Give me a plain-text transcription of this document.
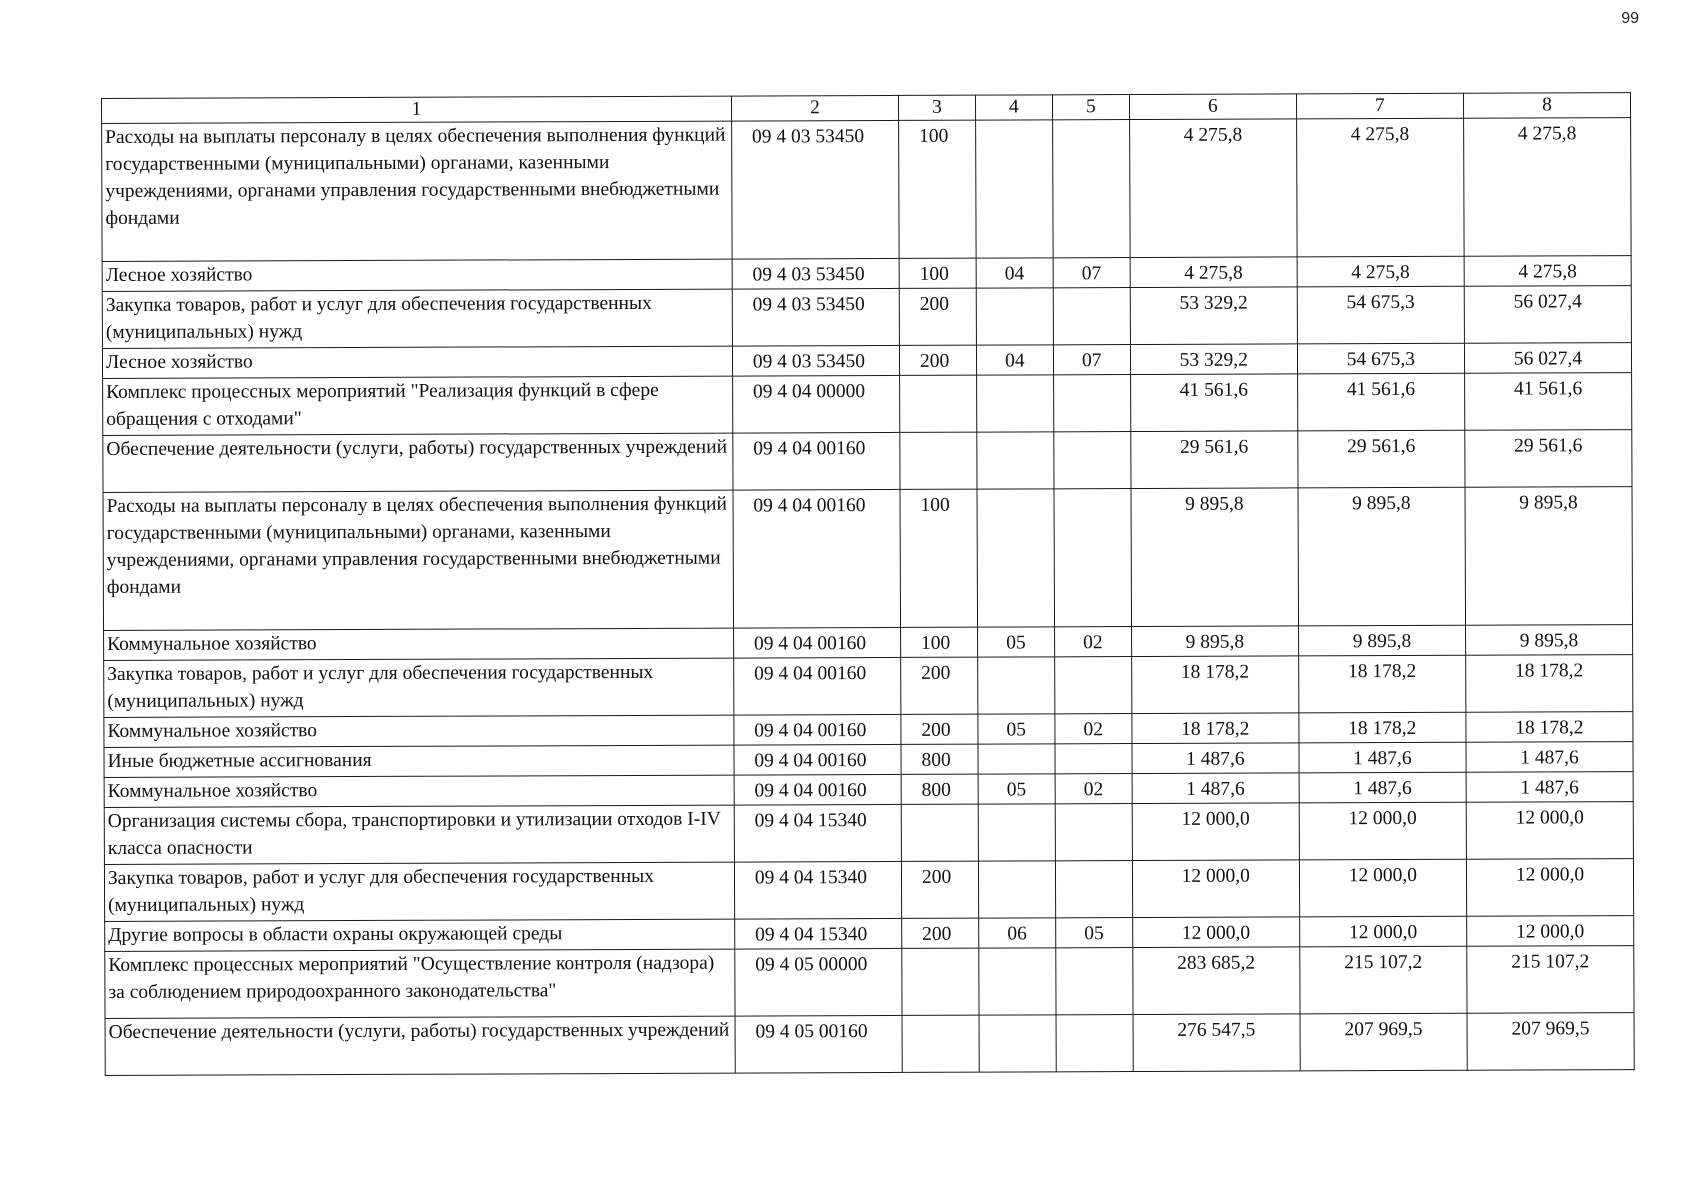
99
1	2	3	4	5	6	7	8
Расходы на выплаты персоналу в целях обеспечения выполнения функций государственными (муниципальными) органами, казенными учреждениями, органами управления государственными внебюджетными фондами	09 4 03 53450	100			4 275,8	4 275,8	4 275,8
Лесное хозяйство	09 4 03 53450	100	04	07	4 275,8	4 275,8	4 275,8
Закупка товаров, работ и услуг для обеспечения государственных (муниципальных) нужд	09 4 03 53450	200			53 329,2	54 675,3	56 027,4
Лесное хозяйство	09 4 03 53450	200	04	07	53 329,2	54 675,3	56 027,4
Комплекс процессных мероприятий "Реализация функций в сфере обращения с отходами"	09 4 04 00000				41 561,6	41 561,6	41 561,6
Обеспечение деятельности (услуги, работы) государственных учреждений	09 4 04 00160				29 561,6	29 561,6	29 561,6
Расходы на выплаты персоналу в целях обеспечения выполнения функций государственными (муниципальными) органами, казенными учреждениями, органами управления государственными внебюджетными фондами	09 4 04 00160	100			9 895,8	9 895,8	9 895,8
Коммунальное хозяйство	09 4 04 00160	100	05	02	9 895,8	9 895,8	9 895,8
Закупка товаров, работ и услуг для обеспечения государственных (муниципальных) нужд	09 4 04 00160	200			18 178,2	18 178,2	18 178,2
Коммунальное хозяйство	09 4 04 00160	200	05	02	18 178,2	18 178,2	18 178,2
Иные бюджетные ассигнования	09 4 04 00160	800			1 487,6	1 487,6	1 487,6
Коммунальное хозяйство	09 4 04 00160	800	05	02	1 487,6	1 487,6	1 487,6
Организация системы сбора, транспортировки и утилизации отходов I-IV класса опасности	09 4 04 15340				12 000,0	12 000,0	12 000,0
Закупка товаров, работ и услуг для обеспечения государственных (муниципальных) нужд	09 4 04 15340	200			12 000,0	12 000,0	12 000,0
Другие вопросы в области охраны окружающей среды	09 4 04 15340	200	06	05	12 000,0	12 000,0	12 000,0
Комплекс процессных мероприятий "Осуществление контроля (надзора) за соблюдением природоохранного законодательства"	09 4 05 00000				283 685,2	215 107,2	215 107,2
Обеспечение деятельности (услуги, работы) государственных учреждений	09 4 05 00160				276 547,5	207 969,5	207 969,5
